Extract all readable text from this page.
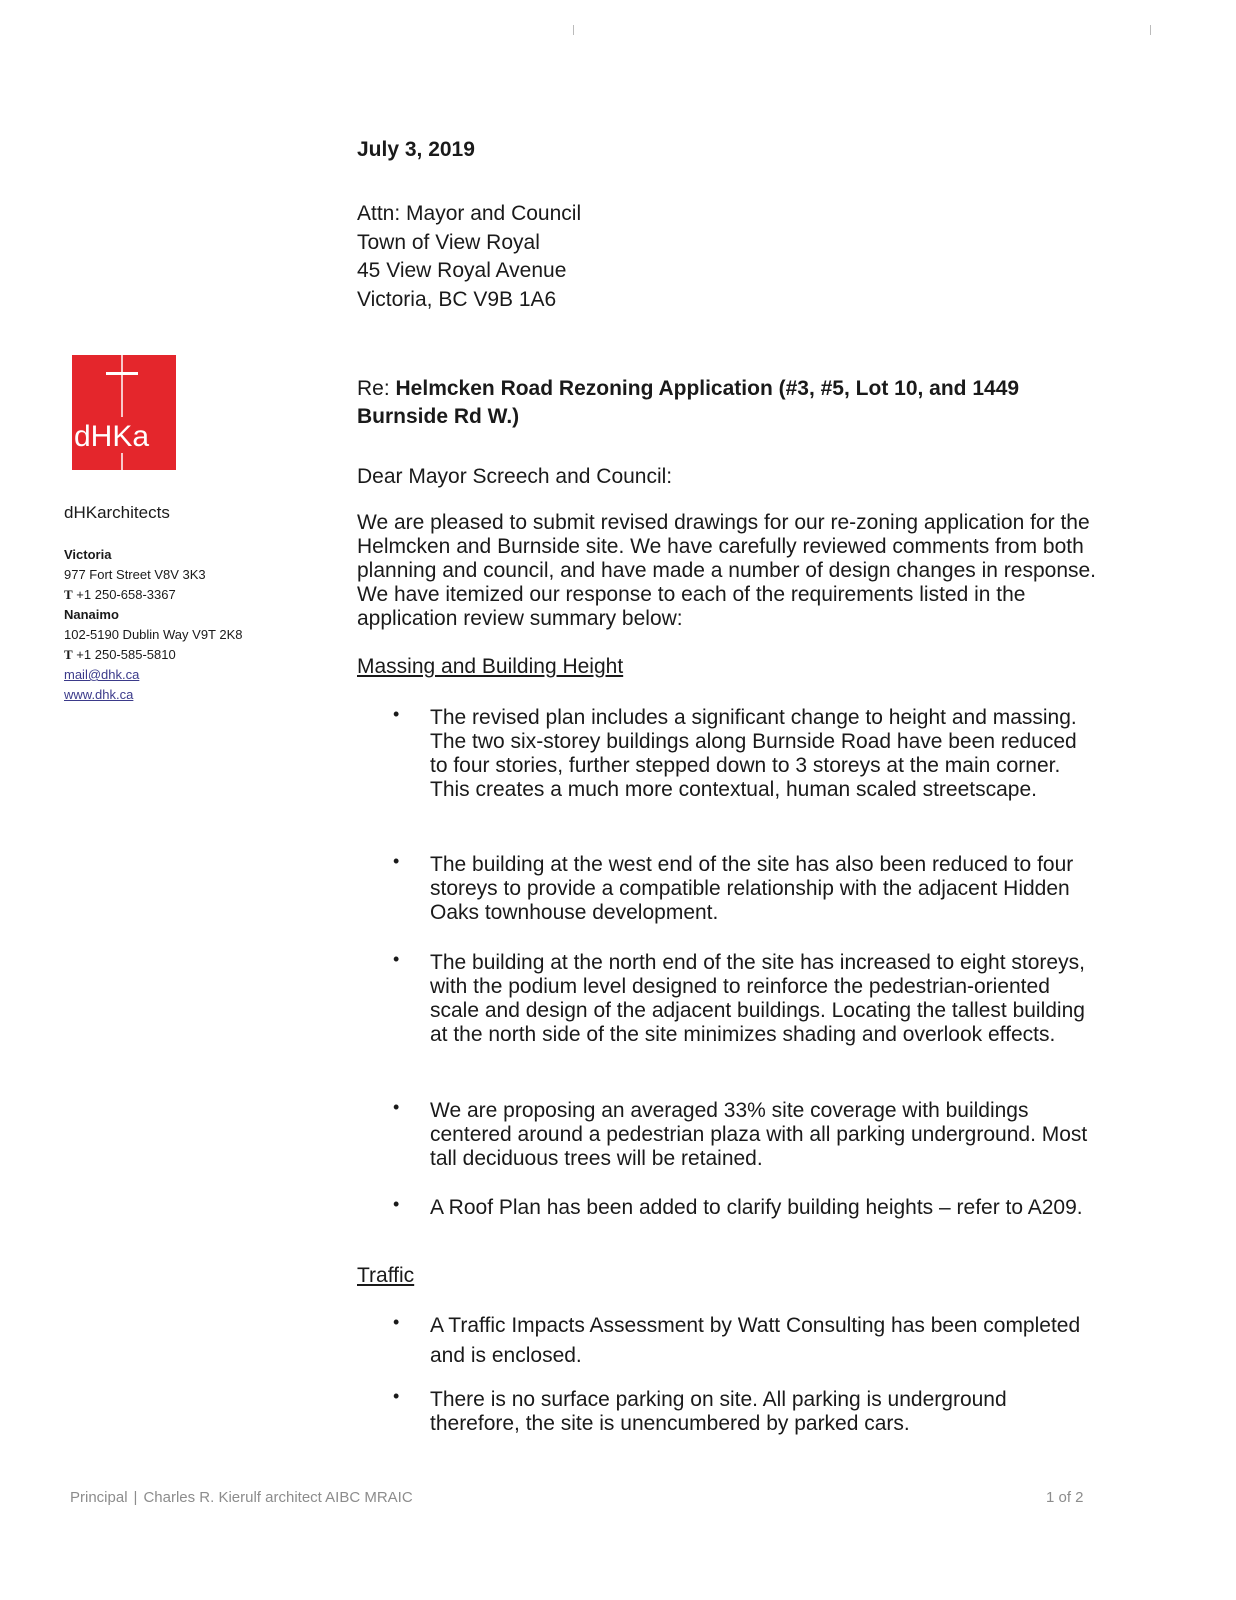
dHKa
dHKarchitects
Victoria
977 Fort Street V8V 3K3
T +1 250-658-3367
Nanaimo
102-5190 Dublin Way V9T 2K8
T +1 250-585-5810
mail@dhk.ca
www.dhk.ca
July 3, 2019
Attn: Mayor and Council
Town of View Royal
45 View Royal Avenue
Victoria, BC V9B 1A6
Re: Helmcken Road Rezoning Application (#3, #5, Lot 10, and 1449 Burnside Rd W.)
Dear Mayor Screech and Council:
We are pleased to submit revised drawings for our re-zoning application for the Helmcken and Burnside site. We have carefully reviewed comments from both planning and council, and have made a number of design changes in response. We have itemized our response to each of the requirements listed in the application review summary below:
Massing and Building Height
• The revised plan includes a significant change to height and massing. The two six-storey buildings along Burnside Road have been reduced to four stories, further stepped down to 3 storeys at the main corner. This creates a much more contextual, human scaled streetscape.
• The building at the west end of the site has also been reduced to four storeys to provide a compatible relationship with the adjacent Hidden Oaks townhouse development.
• The building at the north end of the site has increased to eight storeys, with the podium level designed to reinforce the pedestrian-oriented scale and design of the adjacent buildings. Locating the tallest building at the north side of the site minimizes shading and overlook effects.
• We are proposing an averaged 33% site coverage with buildings centered around a pedestrian plaza with all parking underground. Most tall deciduous trees will be retained.
• A Roof Plan has been added to clarify building heights – refer to A209.
Traffic
• A Traffic Impacts Assessment by Watt Consulting has been completed and is enclosed.
• There is no surface parking on site. All parking is underground therefore, the site is unencumbered by parked cars.
Principal | Charles R. Kierulf architect AIBC MRAIC	1 of 2
